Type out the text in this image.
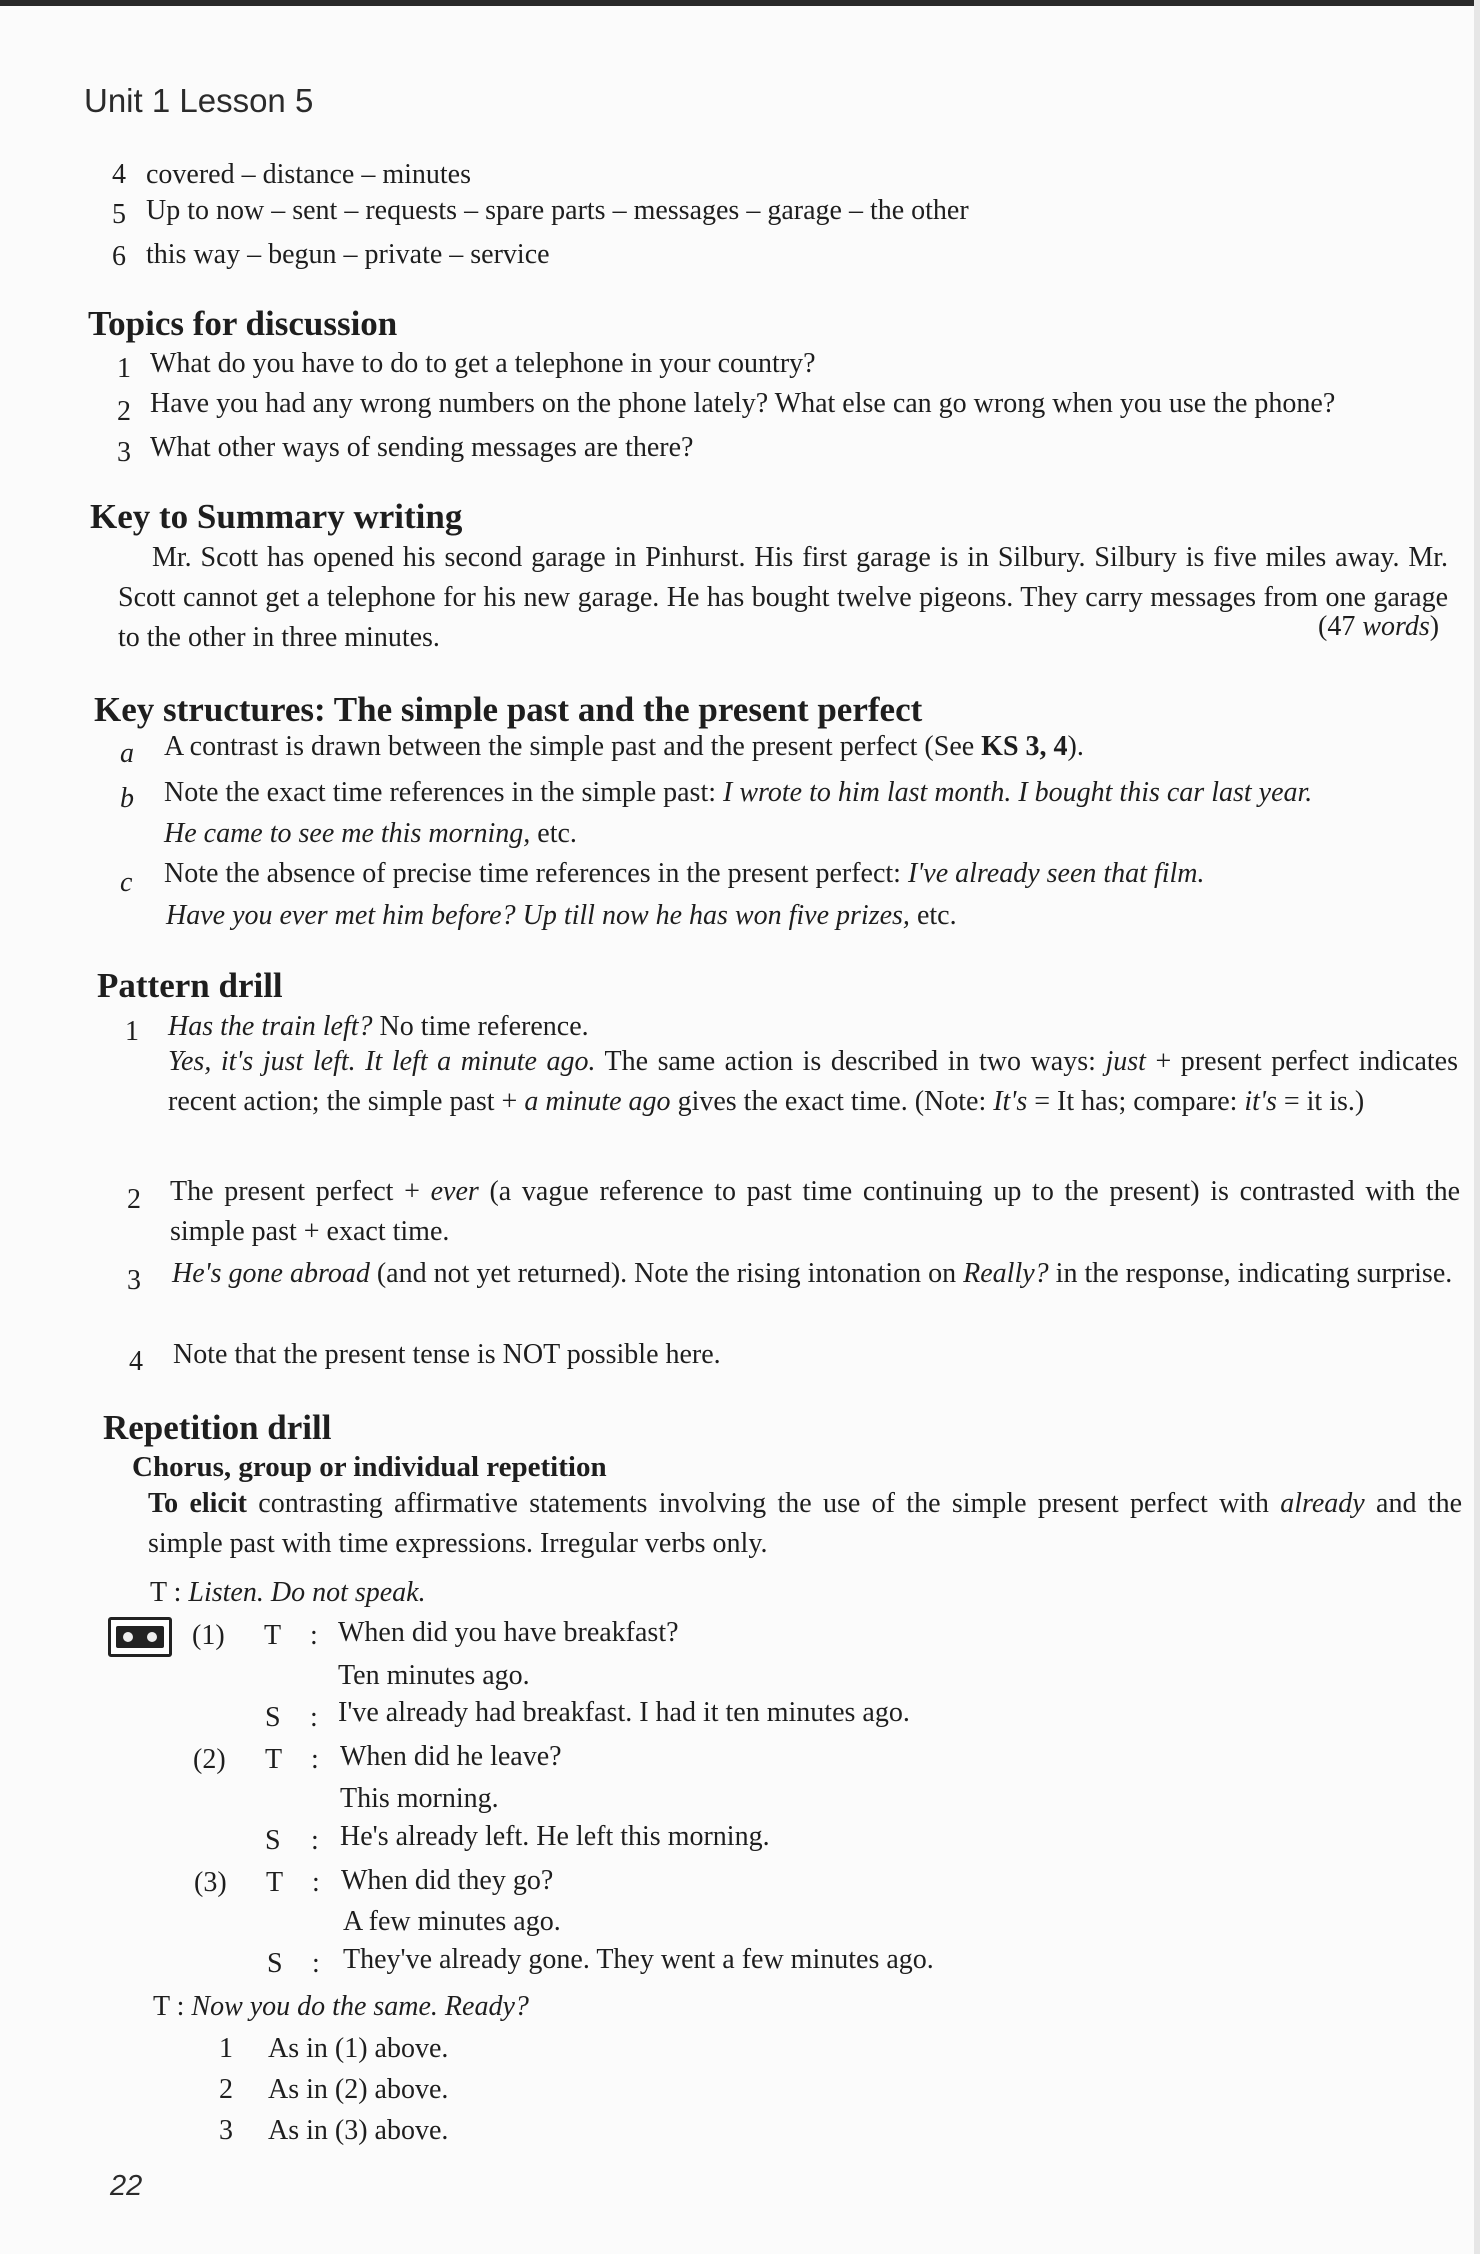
Unit 1 Lesson 5
4 covered – distance – minutes
5 Up to now – sent – requests – spare parts – messages – garage – the other
6 this way – begun – private – service
Topics for discussion
1 What do you have to do to get a telephone in your country?
2 Have you had any wrong numbers on the phone lately? What else can go wrong when you use the phone?
3 What other ways of sending messages are there?
Key to Summary writing
Mr. Scott has opened his second garage in Pinhurst. His first garage is in Silbury. Silbury is five miles away. Mr. Scott cannot get a telephone for his new garage. He has bought twelve pigeons. They carry messages from one garage to the other in three minutes.	(47 words)
Key structures: The simple past and the present perfect
a A contrast is drawn between the simple past and the present perfect (See KS 3, 4).
b Note the exact time references in the simple past: I wrote to him last month. I bought this car last year.
He came to see me this morning, etc.
c Note the absence of precise time references in the present perfect: I've already seen that film.
Have you ever met him before? Up till now he has won five prizes, etc.
Pattern drill
1 Has the train left? No time reference.
Yes, it's just left. It left a minute ago. The same action is described in two ways: just + present perfect indicates recent action; the simple past + a minute ago gives the exact time. (Note: It's = It has; compare: it's = it is.)
2 The present perfect + ever (a vague reference to past time continuing up to the present) is contrasted with the simple past + exact time.
3 He's gone abroad (and not yet returned). Note the rising intonation on Really? in the response, indicating surprise.
4 Note that the present tense is NOT possible here.
Repetition drill
Chorus, group or individual repetition
To elicit contrasting affirmative statements involving the use of the simple present perfect with already and the simple past with time expressions. Irregular verbs only.
T : Listen. Do not speak.
(1) T : When did you have breakfast?
Ten minutes ago.
S : I've already had breakfast. I had it ten minutes ago.
(2) T : When did he leave?
This morning.
S : He's already left. He left this morning.
(3) T : When did they go?
A few minutes ago.
S : They've already gone. They went a few minutes ago.
T : Now you do the same. Ready?
1 As in (1) above.
2 As in (2) above.
3 As in (3) above.
22
